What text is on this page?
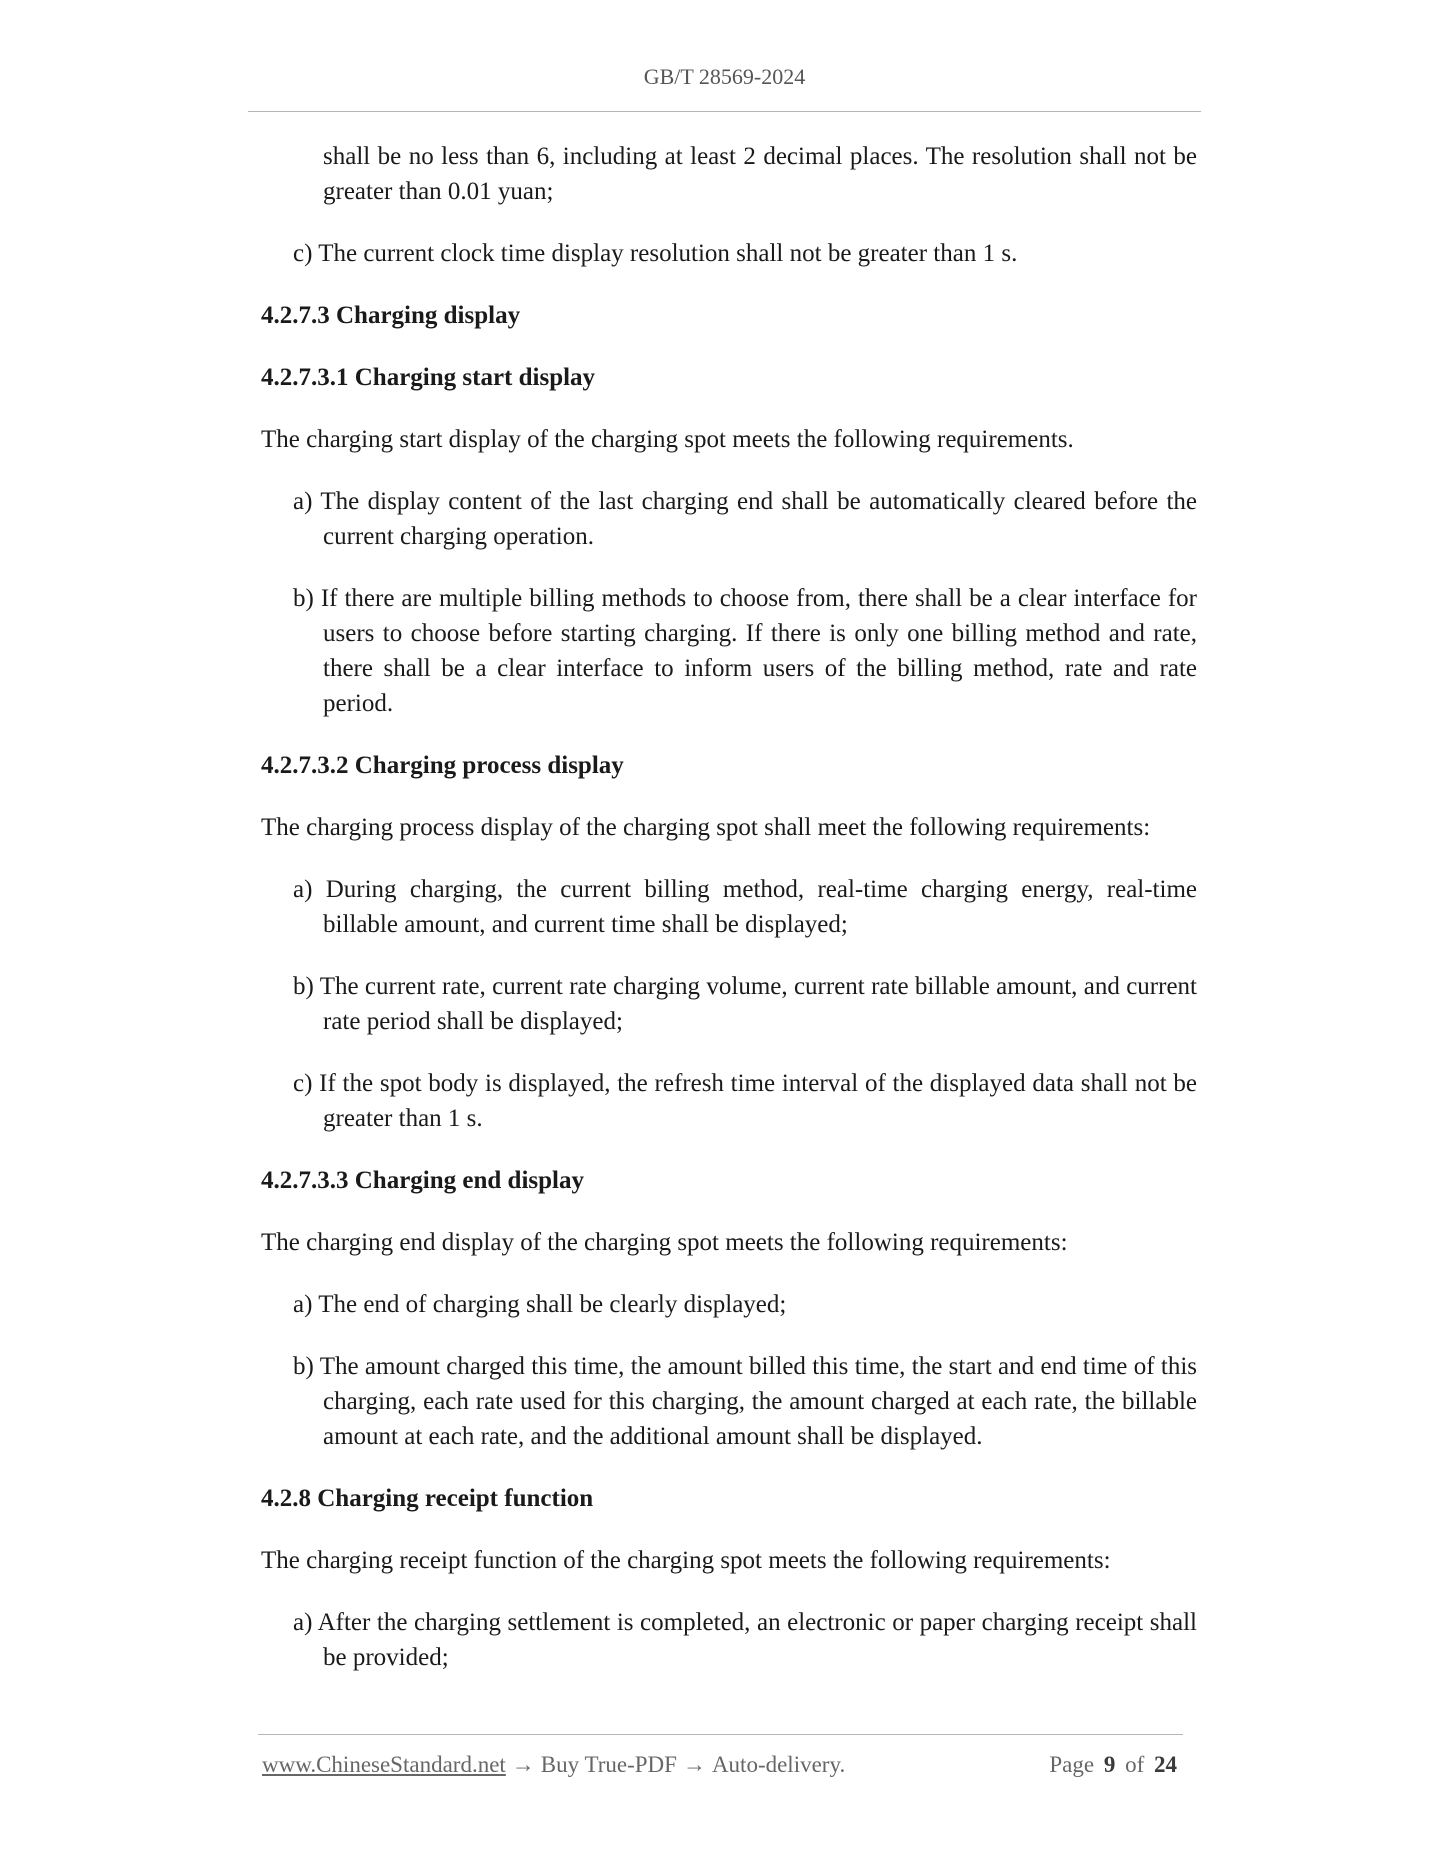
GB/T 28569-2024

shall be no less than 6, including at least 2 decimal places. The resolution shall not be greater than 0.01 yuan;

c) The current clock time display resolution shall not be greater than 1 s.

4.2.7.3 Charging display

4.2.7.3.1 Charging start display

The charging start display of the charging spot meets the following requirements.

a) The display content of the last charging end shall be automatically cleared before the current charging operation.

b) If there are multiple billing methods to choose from, there shall be a clear interface for users to choose before starting charging. If there is only one billing method and rate, there shall be a clear interface to inform users of the billing method, rate and rate period.

4.2.7.3.2 Charging process display

The charging process display of the charging spot shall meet the following requirements:

a) During charging, the current billing method, real-time charging energy, real-time billable amount, and current time shall be displayed;

b) The current rate, current rate charging volume, current rate billable amount, and current rate period shall be displayed;

c) If the spot body is displayed, the refresh time interval of the displayed data shall not be greater than 1 s.

4.2.7.3.3 Charging end display

The charging end display of the charging spot meets the following requirements:

a) The end of charging shall be clearly displayed;

b) The amount charged this time, the amount billed this time, the start and end time of this charging, each rate used for this charging, the amount charged at each rate, the billable amount at each rate, and the additional amount shall be displayed.

4.2.8 Charging receipt function

The charging receipt function of the charging spot meets the following requirements:

a) After the charging settlement is completed, an electronic or paper charging receipt shall be provided;

www.ChineseStandard.net → Buy True-PDF → Auto-delivery.	Page 9 of 24
